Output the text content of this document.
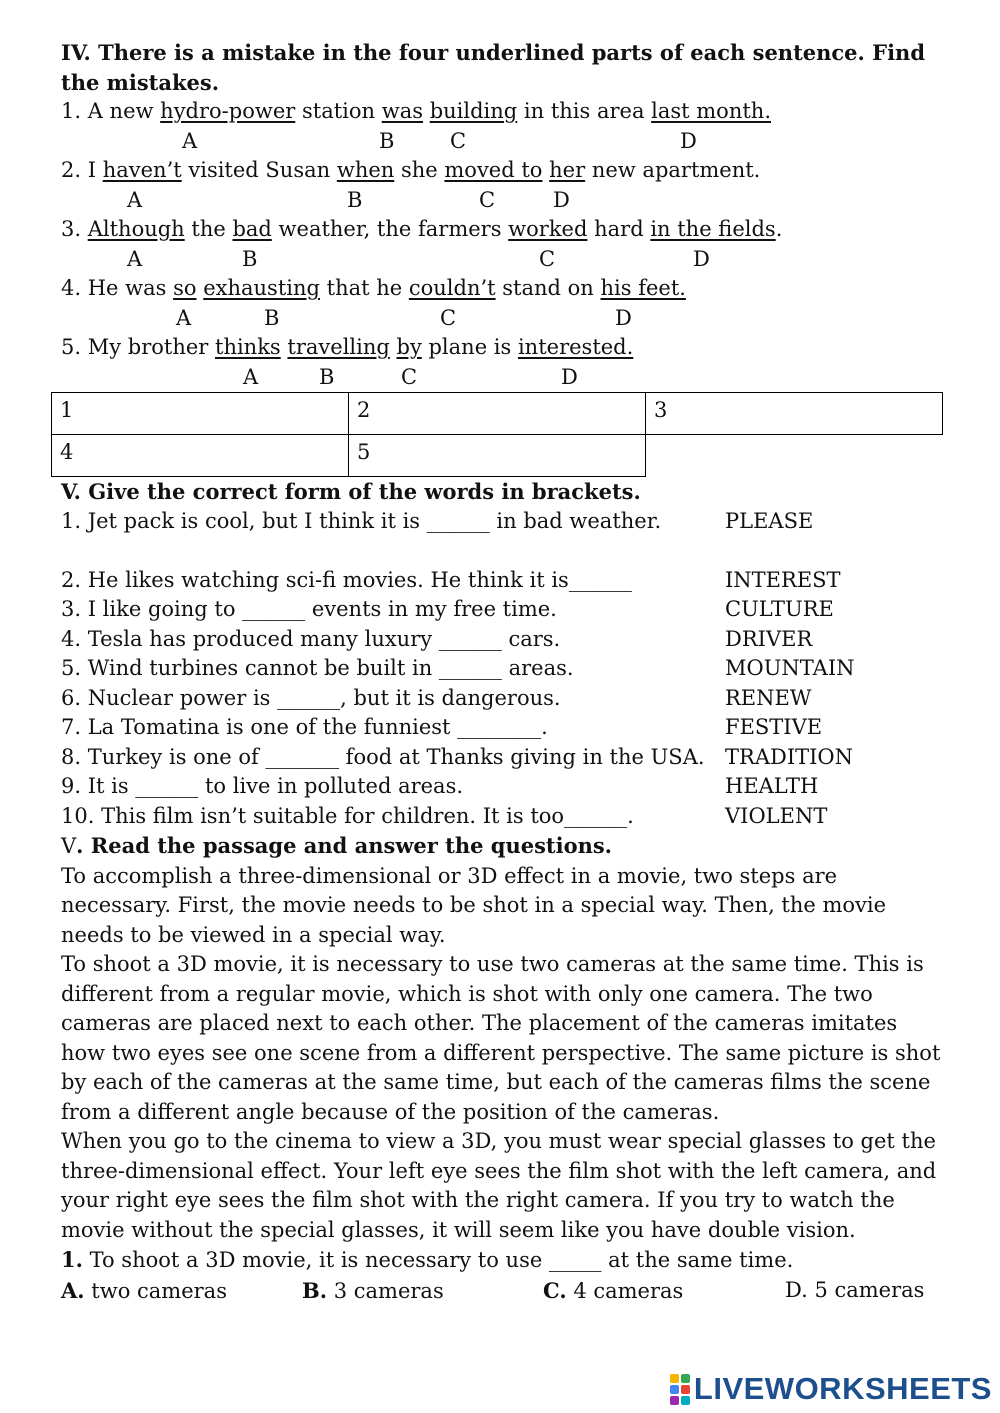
IV. There is a mistake in the four underlined parts of each sentence. Find the mistakes.
1. A new hydro-power station was building in this area last month.
A	B	C	D
2. I haven’t visited Susan when she moved to her new apartment.
A	B	C	D
3. Although the bad weather, the farmers worked hard in the fields.
A	B	C	D
4. He was so exhausting that he couldn’t stand on his feet.
A	B	C	D
5. My brother thinks travelling by plane is interested.
A	B	C	D
1	2	3
4	5	
V. Give the correct form of the words in brackets.
1. Jet pack is cool, but I think it is ______ in bad weather.	PLEASE
2. He likes watching sci-fi movies. He think it is______	INTEREST
3. I like going to ______ events in my free time.	CULTURE
4. Tesla has produced many luxury ______ cars.	DRIVER
5. Wind turbines cannot be built in ______ areas.	MOUNTAIN
6. Nuclear power is ______, but it is dangerous.	RENEW
7. La Tomatina is one of the funniest ________.	FESTIVE
8. Turkey is one of _______ food at Thanks giving in the USA. TRADITION
9. It is ______ to live in polluted areas.	HEALTH
10. This film isn’t suitable for children. It is too______.	VIOLENT
V. Read the passage and answer the questions.
To accomplish a three-dimensional or 3D effect in a movie, two steps are
necessary. First, the movie needs to be shot in a special way. Then, the movie
needs to be viewed in a special way.
To shoot a 3D movie, it is necessary to use two cameras at the same time. This is
different from a regular movie, which is shot with only one camera. The two
cameras are placed next to each other. The placement of the cameras imitates
how two eyes see one scene from a different perspective. The same picture is shot
by each of the cameras at the same time, but each of the cameras films the scene
from a different angle because of the position of the cameras.
When you go to the cinema to view a 3D, you must wear special glasses to get the
three-dimensional effect. Your left eye sees the film shot with the left camera, and
your right eye sees the film shot with the right camera. If you try to watch the
movie without the special glasses, it will seem like you have double vision.
1. To shoot a 3D movie, it is necessary to use _____ at the same time.
A. two cameras	B. 3 cameras	C. 4 cameras	D. 5 cameras
LIVEWORKSHEETS
